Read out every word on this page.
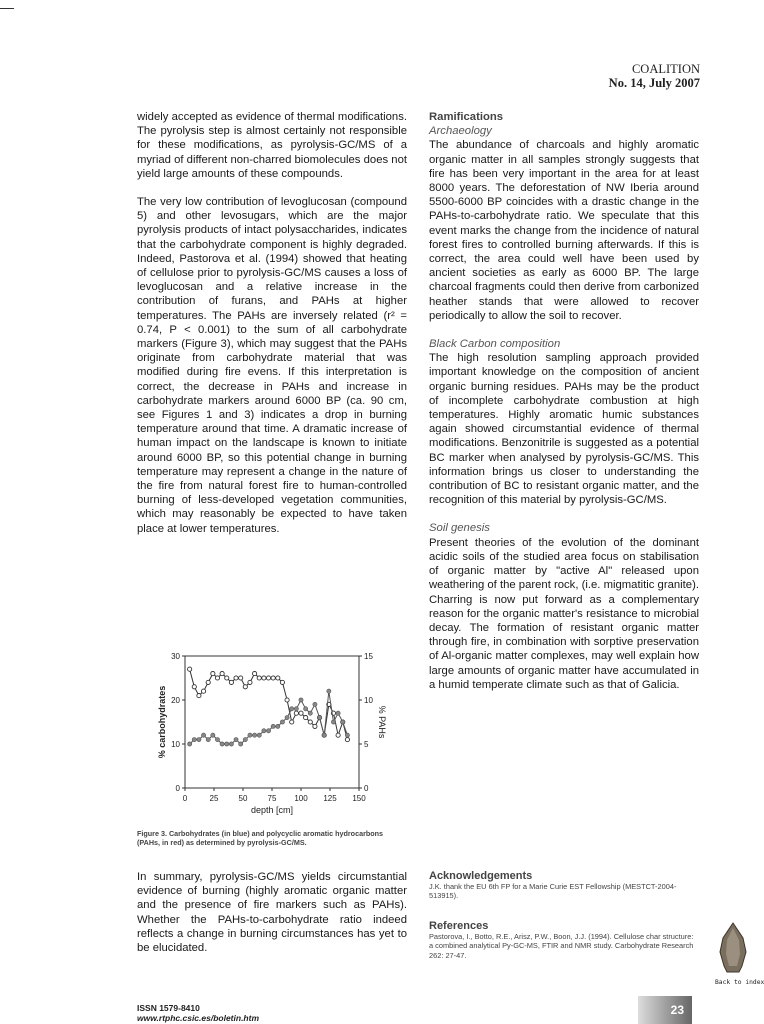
COALITION
No. 14, July 2007

widely accepted as evidence of thermal modifications. The pyrolysis step is almost certainly not responsible for these modifications, as pyrolysis-GC/MS of a myriad of different non-charred biomolecules does not yield large amounts of these compounds.

The very low contribution of levoglucosan (compound 5) and other levosugars, which are the major pyrolysis products of intact polysaccharides, indicates that the carbohydrate component is highly degraded. Indeed, Pastorova et al. (1994) showed that heating of cellulose prior to pyrolysis-GC/MS causes a loss of levoglucosan and a relative increase in the contribution of furans, and PAHs at higher temperatures. The PAHs are inversely related (r² = 0.74, P < 0.001) to the sum of all carbohydrate markers (Figure 3), which may suggest that the PAHs originate from carbohydrate material that was modified during fire evens. If this interpretation is correct, the decrease in PAHs and increase in carbohydrate markers around 6000 BP (ca. 90 cm, see Figures 1 and 3) indicates a drop in burning temperature around that time. A dramatic increase of human impact on the landscape is known to initiate around 6000 BP, so this potential change in burning temperature may represent a change in the nature of the fire from natural forest fire to human-controlled burning of less-developed vegetation communities, which may reasonably be expected to have taken place at lower temperatures.

0	25	50	75 100 125 150
0
10
20
30
0
5
10
15
depth [cm]
% carbohydrates	% PAHs
Figure 3. Carbohydrates (in blue) and polycyclic aromatic hydrocarbons (PAHs, in red) as determined by pyrolysis-GC/MS.
In summary, pyrolysis-GC/MS yields circumstantial evidence of burning (highly aromatic organic matter and the presence of fire markers such as PAHs). Whether the PAHs-to-carbohydrate ratio indeed reflects a change in burning circumstances has yet to be elucidated.
Ramifications
Archaeology

The abundance of charcoals and highly aromatic organic matter in all samples strongly suggests that fire has been very important in the area for at least 8000 years. The deforestation of NW Iberia around 5500-6000 BP coincides with a drastic change in the PAHs-to-carbohydrate ratio. We speculate that this event marks the change from the incidence of natural forest fires to controlled burning afterwards. If this is correct, the area could well have been used by ancient societies as early as 6000 BP. The large charcoal fragments could then derive from carbonized heather stands that were allowed to recover periodically to allow the soil to recover.

Black Carbon composition

The high resolution sampling approach provided important knowledge on the composition of ancient organic burning residues. PAHs may be the product of incomplete carbohydrate combustion at high temperatures. Highly aromatic humic substances again showed circumstantial evidence of thermal modifications. Benzonitrile is suggested as a potential BC marker when analysed by pyrolysis-GC/MS. This information brings us closer to understanding the contribution of BC to resistant organic matter, and the recognition of this material by pyrolysis-GC/MS.

Soil genesis

Present theories of the evolution of the dominant acidic soils of the studied area focus on stabilisation of organic matter by "active Al" released upon weathering of the parent rock, (i.e. migmatitic granite). Charring is now put forward as a complementary reason for the organic matter's resistance to microbial decay. The formation of resistant organic matter through fire, in combination with sorptive preservation of Al-organic matter complexes, may well explain how large amounts of organic matter have accumulated in a humid temperate climate such as that of Galicia.

Acknowledgements
J.K. thank the EU 6th FP for a Marie Curie EST Fellowship (MESTCT-2004-513915).
References
Pastorova, I., Botto, R.E., Arisz, P.W., Boon, J.J. (1994). Cellulose char structure: a combined analytical Py-GC-MS, FTIR and NMR study. Carbohydrate Research 262: 27-47.
Back to index
ISSN 1579-8410
www.rtphc.csic.es/boletin.htm
23
